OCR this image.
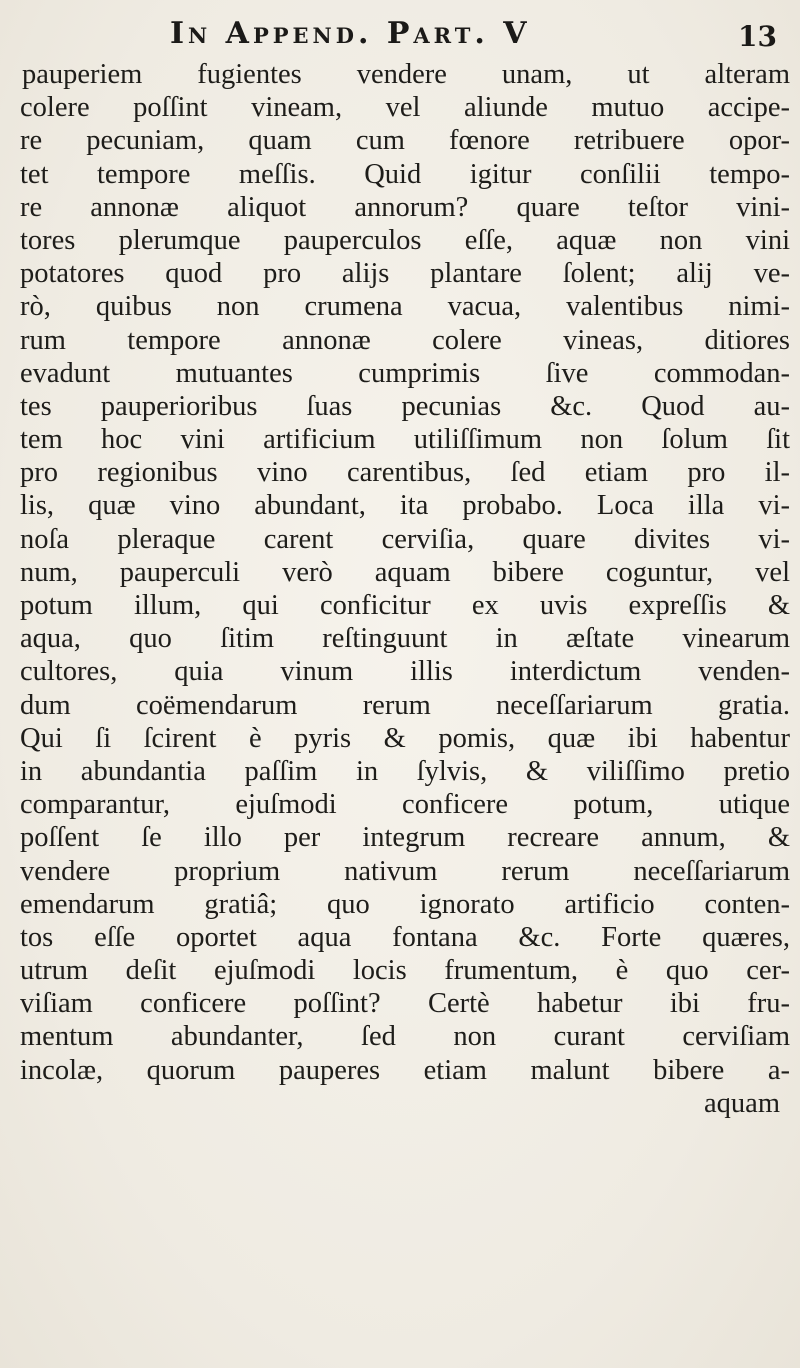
In Append. Part. V	13
pauperiem fugientes vendere unam, ut alteram
colere poſſint vineam, vel aliunde mutuo accipe-
re pecuniam, quam cum fœnore retribuere opor-
tet tempore meſſis. Quid igitur conſilii tempo-
re annonæ aliquot annorum? quare teſtor vini-
tores plerumque pauperculos eſſe, aquæ non vini
potatores quod pro alijs plantare ſolent; alij ve-
rò, quibus non crumena vacua, valentibus nimi-
rum tempore annonæ colere vineas, ditiores
evadunt mutuantes cumprimis ſive commodan-
tes pauperioribus ſuas pecunias &c. Quod au-
tem hoc vini artificium utiliſſimum non ſolum ſit
pro regionibus vino carentibus, ſed etiam pro il-
lis, quæ vino abundant, ita probabo. Loca illa vi-
noſa pleraque carent cerviſia, quare divites vi-
num, pauperculi verò aquam bibere coguntur, vel
potum illum, qui conficitur ex uvis expreſſis &
aqua, quo ſitim reſtinguunt in æſtate vinearum
cultores, quia vinum illis interdictum venden-
dum coëmendarum rerum neceſſariarum gratia.
Qui ſi ſcirent è pyris & pomis, quæ ibi habentur
in abundantia paſſim in ſylvis, & viliſſimo pretio
comparantur, ejuſmodi conficere potum, utique
poſſent ſe illo per integrum recreare annum, &
vendere proprium nativum rerum neceſſariarum
emendarum gratiâ; quo ignorato artificio conten-
tos eſſe oportet aqua fontana &c. Forte quæres,
utrum deſit ejuſmodi locis frumentum, è quo cer-
viſiam conficere poſſint? Certè habetur ibi fru-
mentum abundanter, ſed non curant cerviſiam
incolæ, quorum pauperes etiam malunt bibere a-
aquam
